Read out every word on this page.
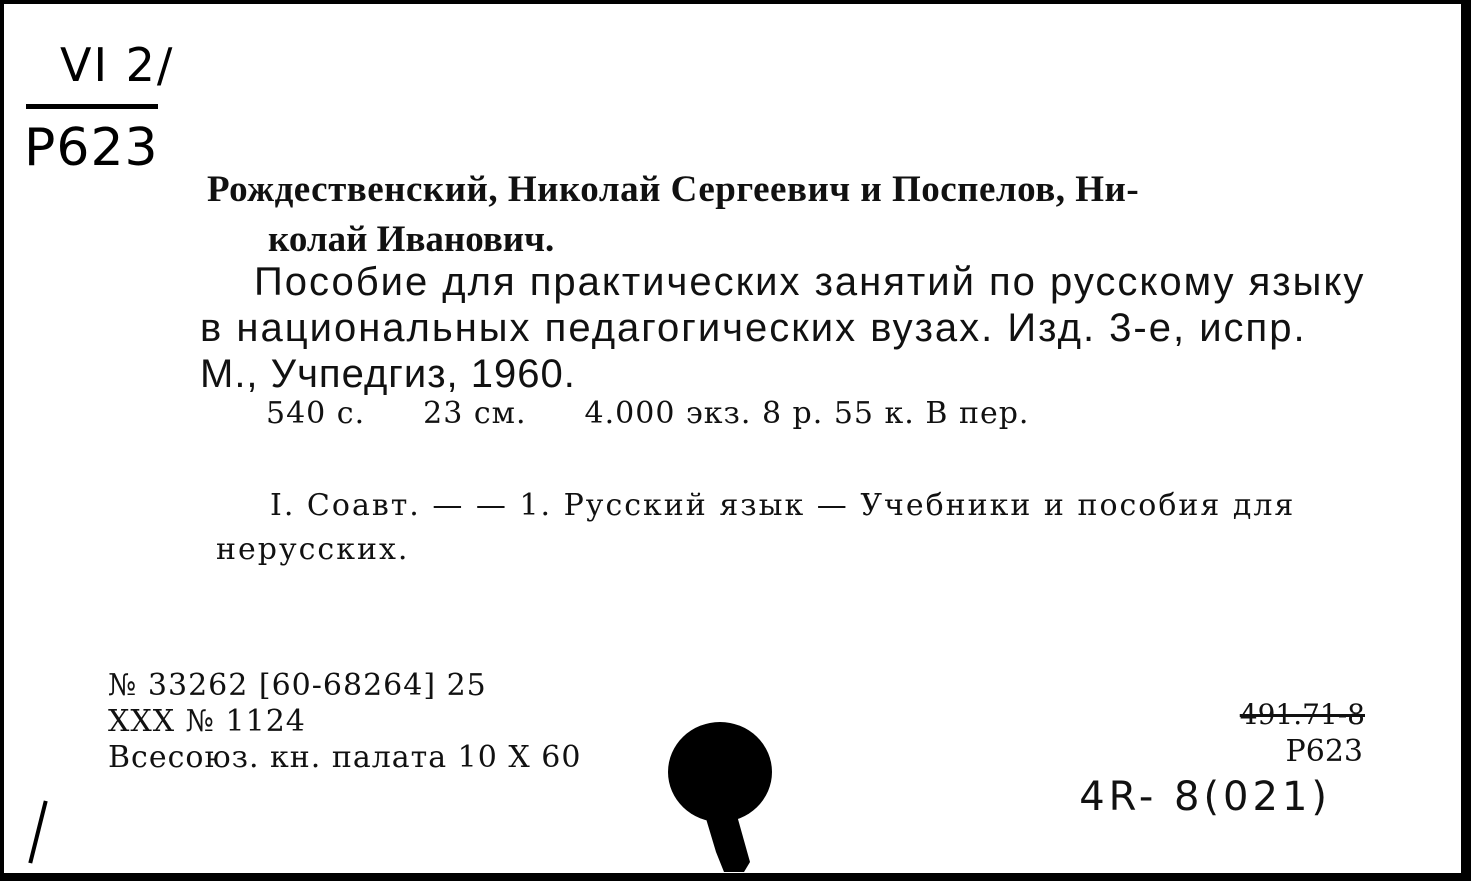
VI 2/
Р623
Рождественский, Николай Сергеевич и Поспелов, Ни-
колай Иванович.
Пособие для практических занятий по русскому языку
в национальных педагогических вузах. Изд. 3-е, испр.
М., Учпедгиз, 1960.
540 с. 23 см. 4.000 экз. 8 р. 55 к. В пер.
I. Соавт. — — 1. Русский язык — Учебники и пособия для
нерусских.
№ 33262 [60-68264] 25
XXX № 1124
Всесоюз. кн. палата 10 X 60
491.71-8
Р623
4R- 8(021)
